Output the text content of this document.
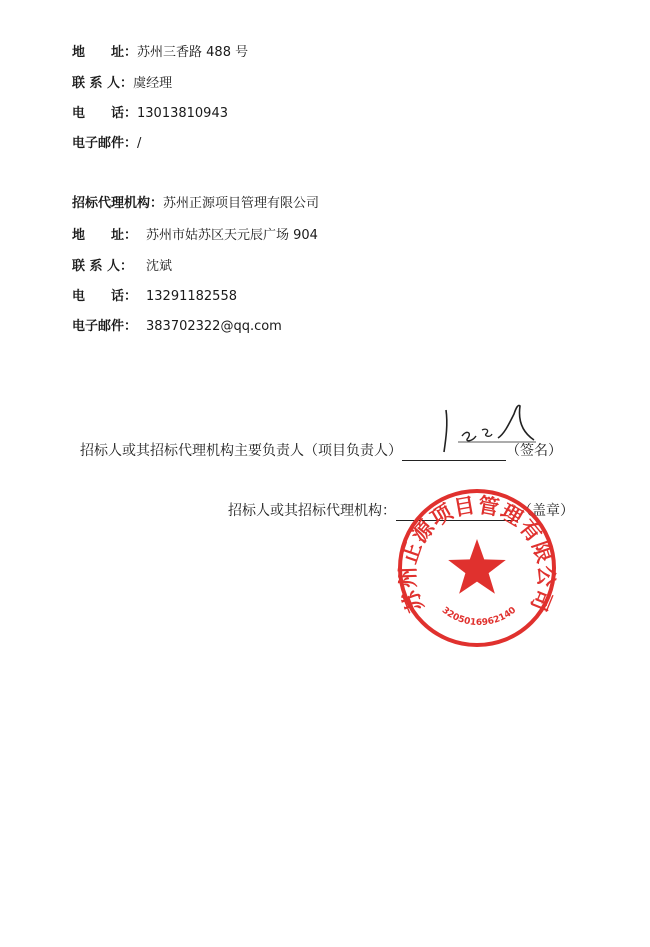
地　　址：苏州三香路 488 号
联 系 人：虞经理
电　　话：13013810943
电子邮件：/
招标代理机构：苏州正源项目管理有限公司
地　　址： 苏州市姑苏区天元辰广场 904
联 系 人： 沈斌
电　　话： 13291182558
电子邮件： 383702322@qq.com
招标人或其招标代理机构主要负责人（项目负责人）	（签名）
招标人或其招标代理机构：	（盖章）
苏州正源项目管理有限公司
3205016962140
